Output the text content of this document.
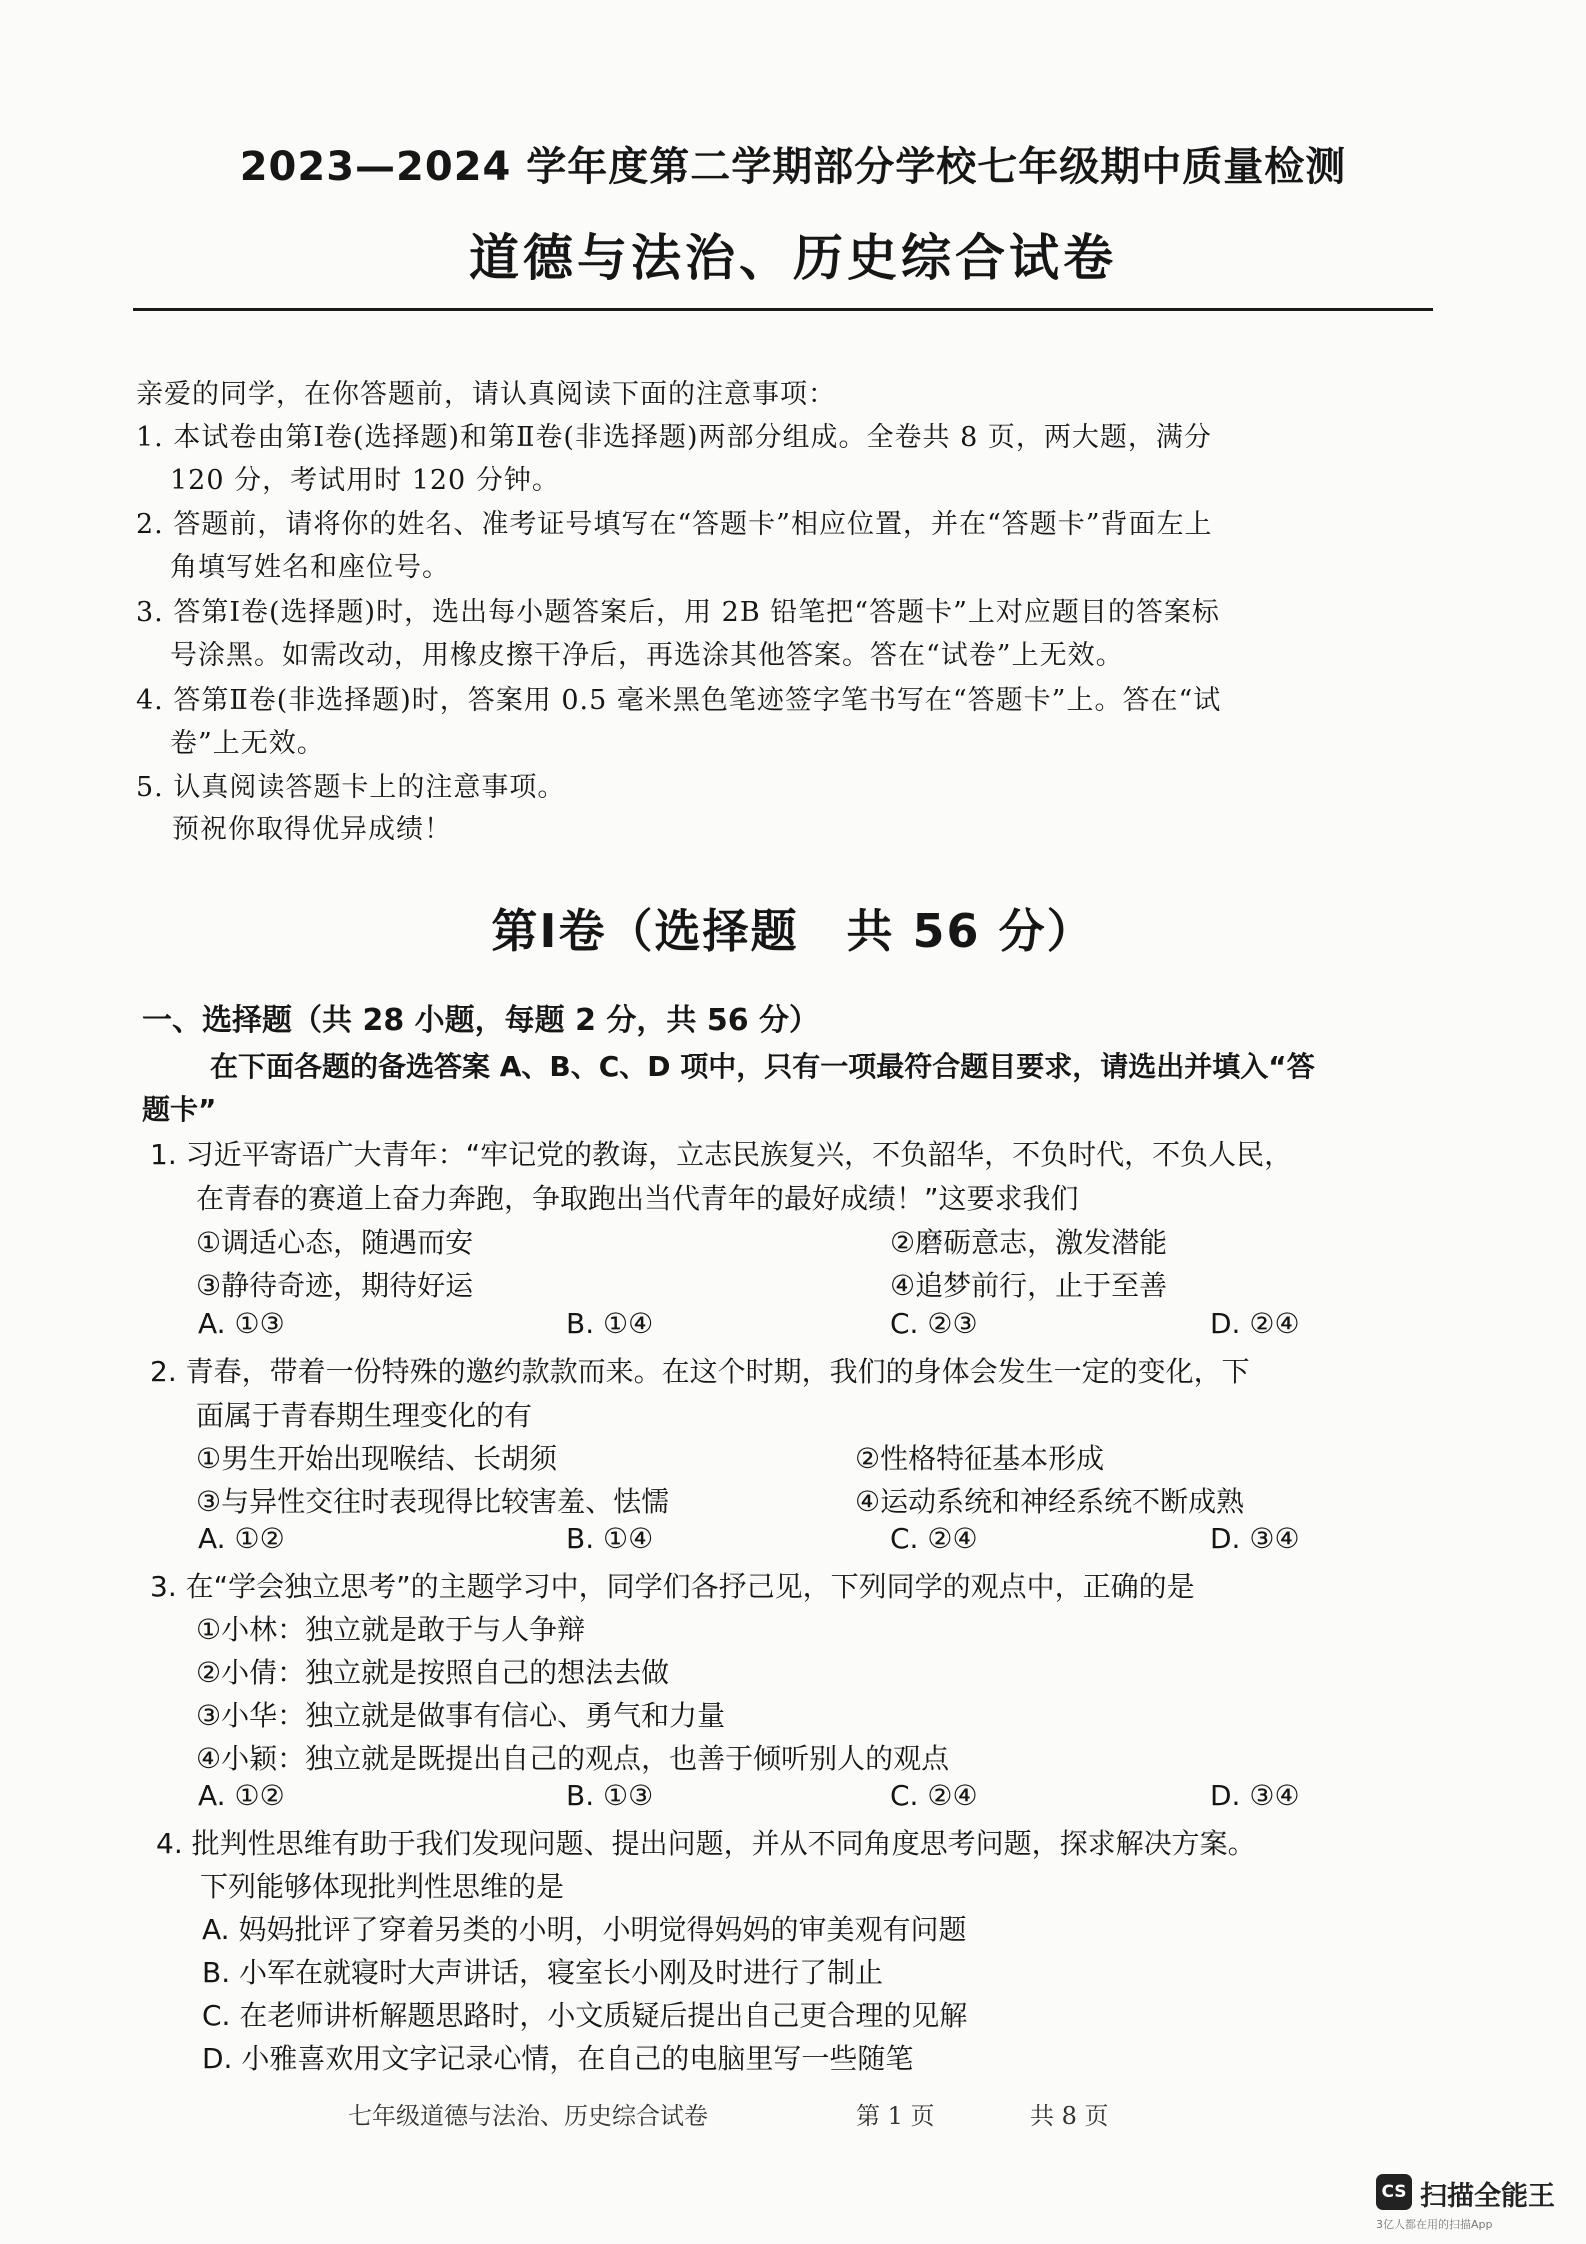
2023—2024 学年度第二学期部分学校七年级期中质量检测
道德与法治、历史综合试卷
亲爱的同学，在你答题前，请认真阅读下面的注意事项：
1. 本试卷由第Ⅰ卷(选择题)和第Ⅱ卷(非选择题)两部分组成。全卷共 8 页，两大题，满分
120 分，考试用时 120 分钟。
2. 答题前，请将你的姓名、准考证号填写在“答题卡”相应位置，并在“答题卡”背面左上
角填写姓名和座位号。
3. 答第Ⅰ卷(选择题)时，选出每小题答案后，用 2B 铅笔把“答题卡”上对应题目的答案标
号涂黑。如需改动，用橡皮擦干净后，再选涂其他答案。答在“试卷”上无效。
4. 答第Ⅱ卷(非选择题)时，答案用 0.5 毫米黑色笔迹签字笔书写在“答题卡”上。答在“试
卷”上无效。
5. 认真阅读答题卡上的注意事项。
预祝你取得优异成绩！
第Ⅰ卷（选择题　共 56 分）
一、选择题（共 28 小题，每题 2 分，共 56 分）
在下面各题的备选答案 A、B、C、D 项中，只有一项最符合题目要求，请选出并填入“答
题卡”
1. 习近平寄语广大青年：“牢记党的教诲，立志民族复兴，不负韶华，不负时代，不负人民，
在青春的赛道上奋力奔跑，争取跑出当代青年的最好成绩！”这要求我们
①调适心态，随遇而安	②磨砺意志，激发潜能
③静待奇迹，期待好运	④追梦前行，止于至善
A. ①③	B. ①④	C. ②③	D. ②④
2. 青春，带着一份特殊的邀约款款而来。在这个时期，我们的身体会发生一定的变化，下
面属于青春期生理变化的有
①男生开始出现喉结、长胡须	②性格特征基本形成
③与异性交往时表现得比较害羞、怯懦	④运动系统和神经系统不断成熟
A. ①②	B. ①④	C. ②④	D. ③④
3. 在“学会独立思考”的主题学习中，同学们各抒己见，下列同学的观点中，正确的是
①小林：独立就是敢于与人争辩
②小倩：独立就是按照自己的想法去做
③小华：独立就是做事有信心、勇气和力量
④小颖：独立就是既提出自己的观点，也善于倾听别人的观点
A. ①②	B. ①③	C. ②④	D. ③④
4. 批判性思维有助于我们发现问题、提出问题，并从不同角度思考问题，探求解决方案。
下列能够体现批判性思维的是
A. 妈妈批评了穿着另类的小明，小明觉得妈妈的审美观有问题
B. 小军在就寝时大声讲话，寝室长小刚及时进行了制止
C. 在老师讲析解题思路时，小文质疑后提出自己更合理的见解
D. 小雅喜欢用文字记录心情，在自己的电脑里写一些随笔
七年级道德与法治、历史综合试卷	第 1 页	共 8 页
CS 扫描全能王
3亿人都在用的扫描App
